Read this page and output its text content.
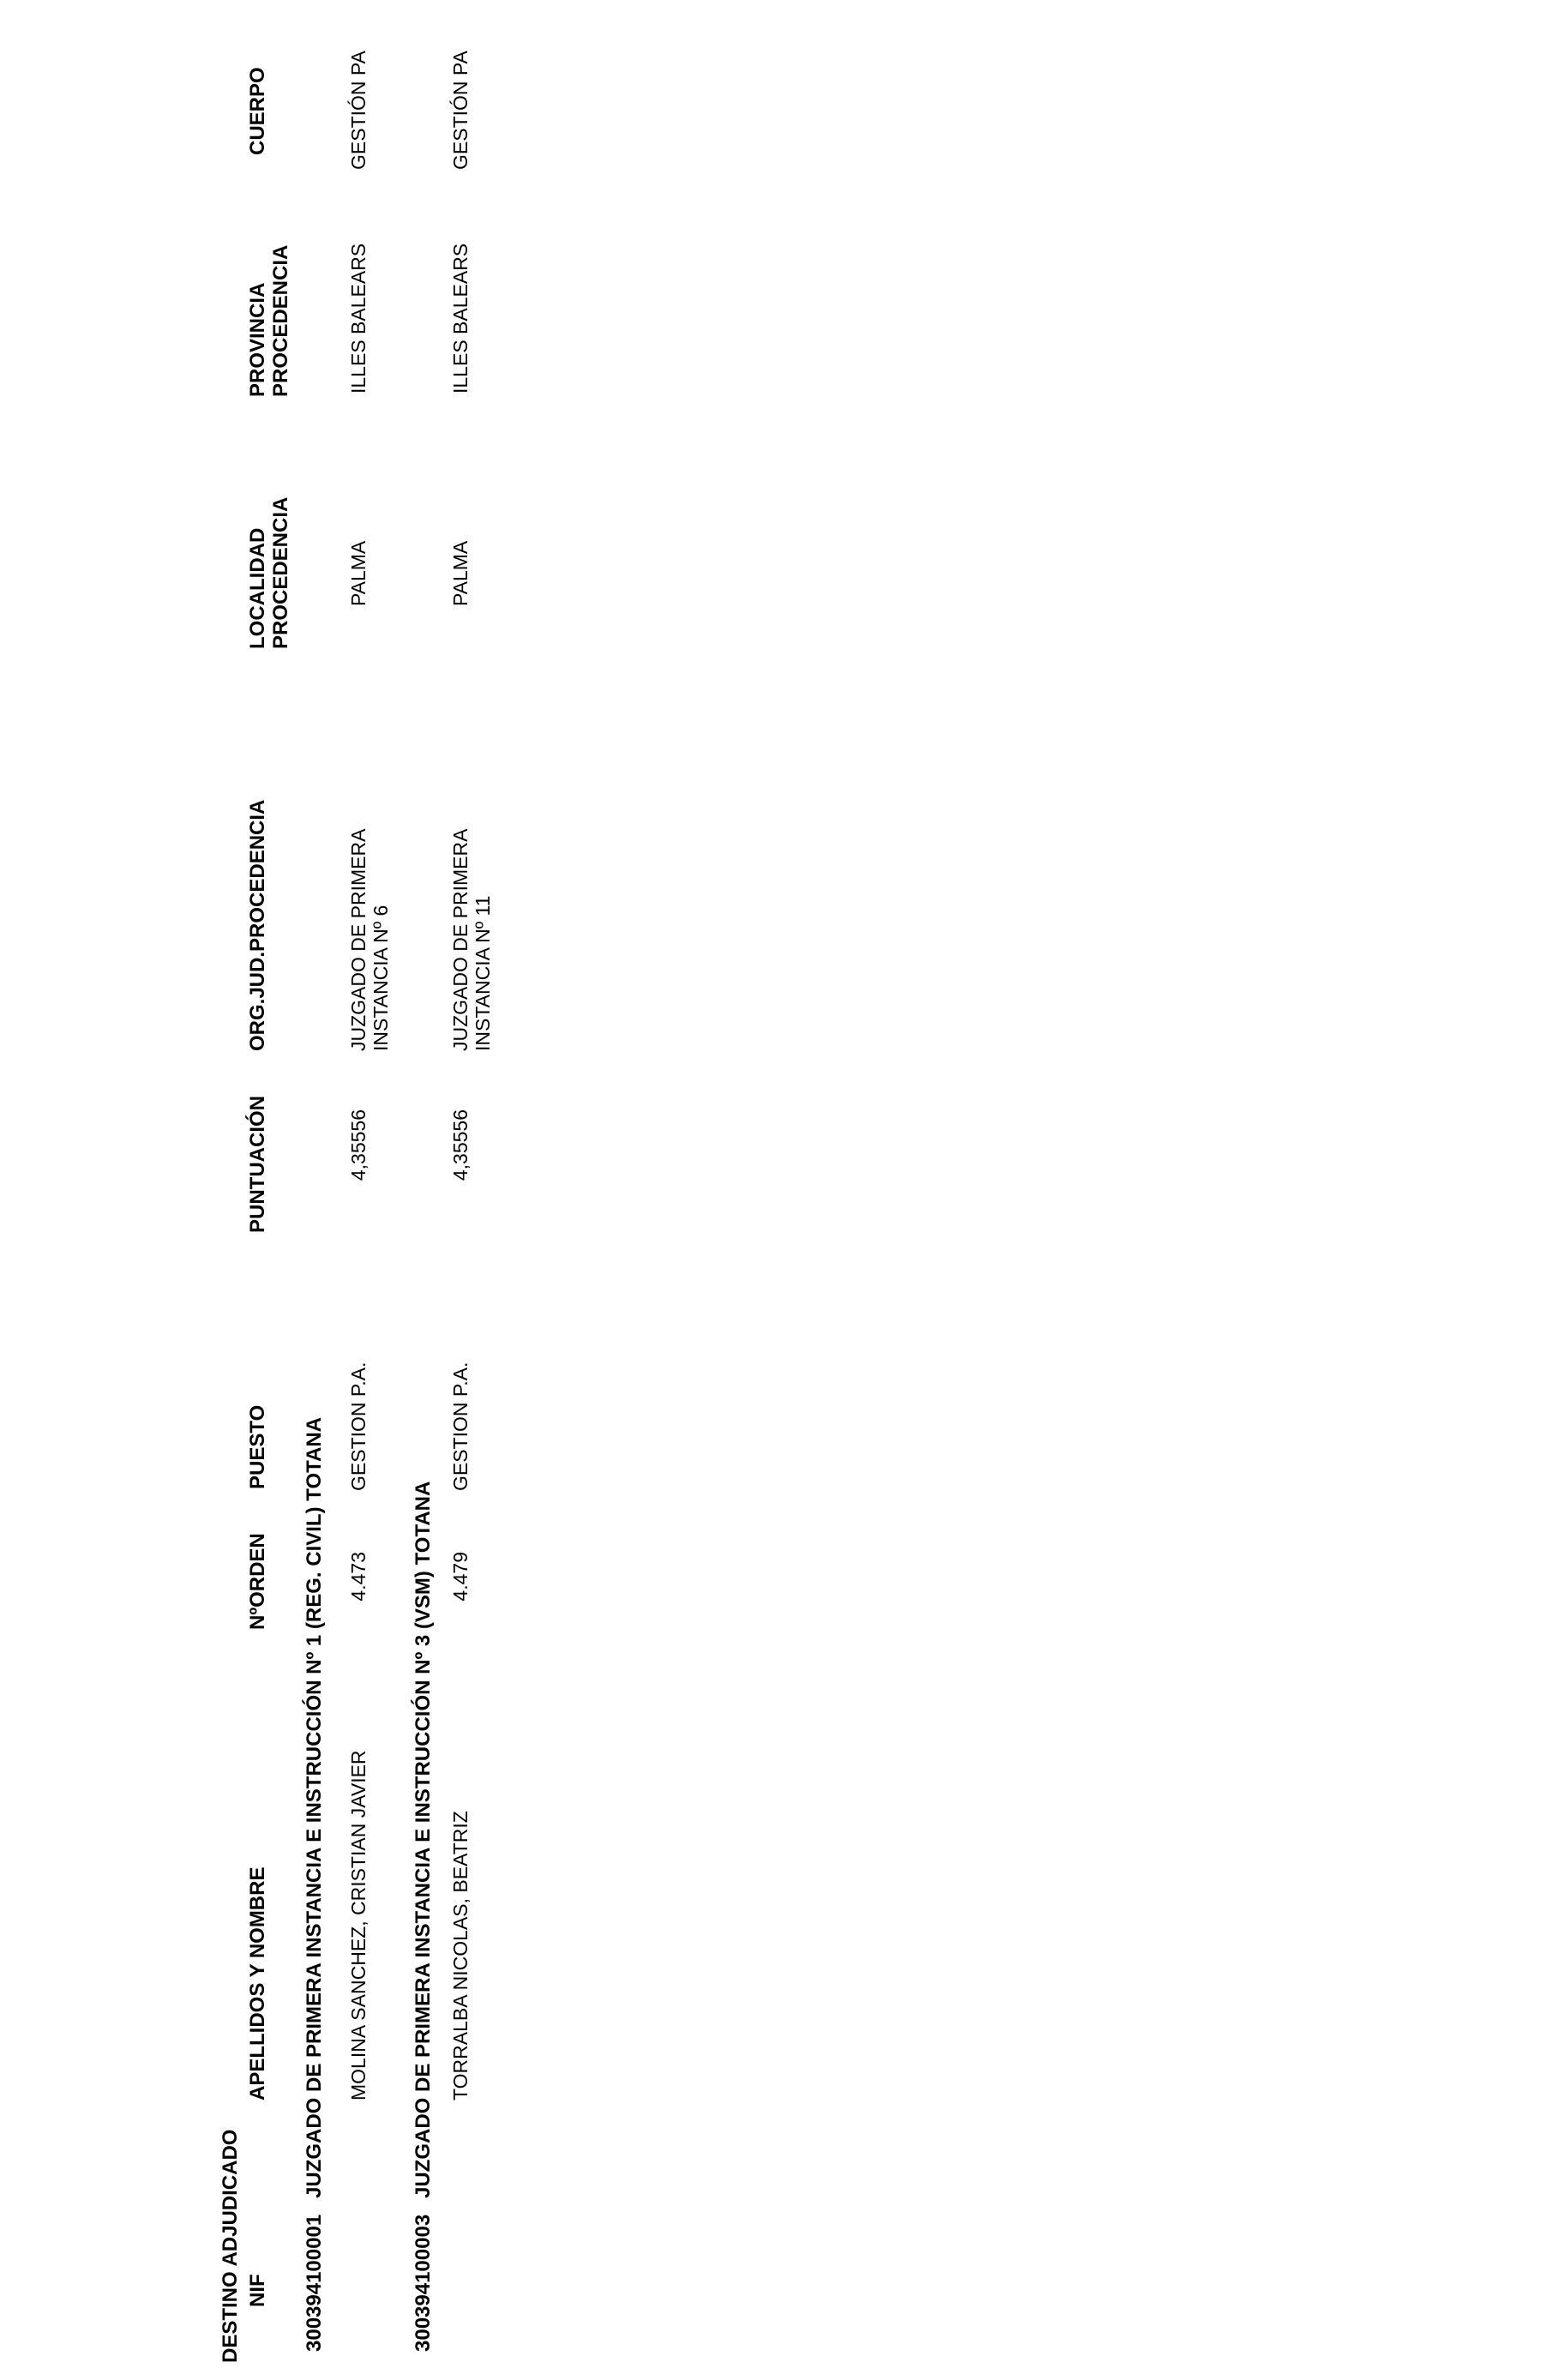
DESTINO ADJUDICADO NIF
APELLIDOS Y NOMBRE
NºORDEN
PUESTO
PUNTUACIÓN
ORG.JUD.PROCEDENCIA
LOCALIDAD PROCEDENCIA
PROVINCIA PROCEDENCIA
CUERPO
300394100001
JUZGADO DE PRIMERA INSTANCIA E INSTRUCCIÓN Nº 1 (REG. CIVIL) TOTANA MOLINA SANCHEZ, CRISTIAN JAVIER
4.473
GESTION P.A.
4,35556
JUZGADO DE PRIMERA INSTANCIA Nº 6
PALMA
ILLES BALEARS
GESTIÓN PA
300394100003
JUZGADO DE PRIMERA INSTANCIA E INSTRUCCIÓN Nº 3 (VSM) TOTANA TORRALBA NICOLAS, BEATRIZ
4.479
GESTION P.A.
4,35556
JUZGADO DE PRIMERA INSTANCIA Nº 11
PALMA
ILLES BALEARS
GESTIÓN PA
